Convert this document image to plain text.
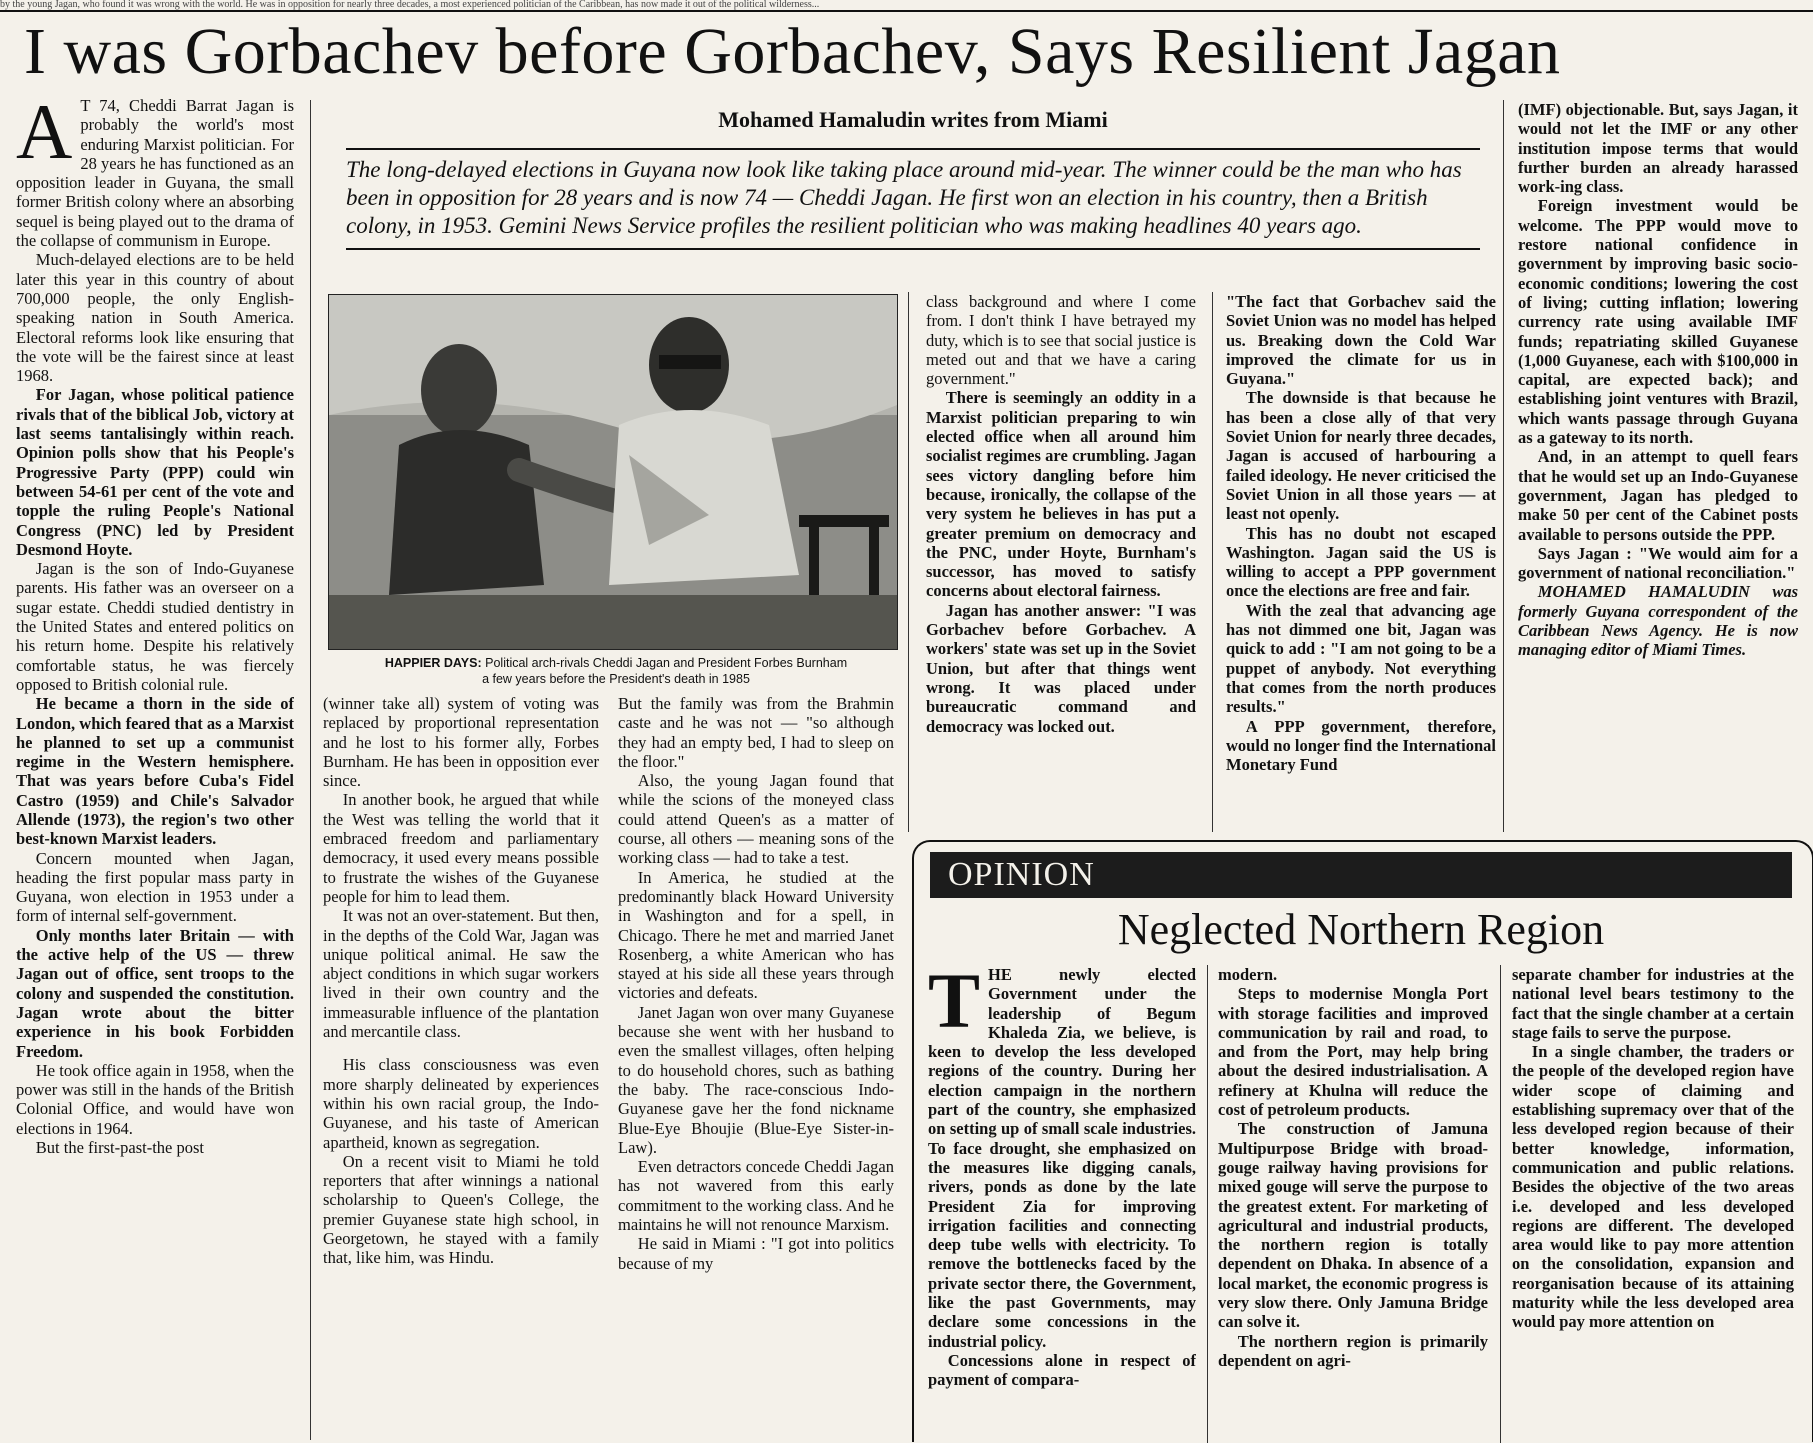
by the young Jagan, who found it was wrong with the world. He was in opposition for nearly three decades, a most experienced politician of the Caribbean, has now made it out of the political wilderness...
I was Gorbachev before Gorbachev, Says Resilient Jagan

A T 74, Cheddi Barrat Jagan is probably the world's most enduring Marxist politician. For 28 years he has functioned as an opposition leader in Guyana, the small former British colony where an absorbing sequel is being played out to the drama of the collapse of communism in Europe.

Much-delayed elections are to be held later this year in this country of about 700,000 people, the only English-speaking nation in South America. Electoral reforms look like ensuring that the vote will be the fairest since at least 1968.

For Jagan, whose political patience rivals that of the biblical Job, victory at last seems tantalisingly within reach. Opinion polls show that his People's Progressive Party (PPP) could win between 54-61 per cent of the vote and topple the ruling People's National Congress (PNC) led by President Desmond Hoyte.

Jagan is the son of Indo-Guyanese parents. His father was an overseer on a sugar estate. Cheddi studied dentistry in the United States and entered politics on his return home. Despite his relatively comfortable status, he was fiercely opposed to British colonial rule.

He became a thorn in the side of London, which feared that as a Marxist he planned to set up a communist regime in the Western hemisphere. That was years before Cuba's Fidel Castro (1959) and Chile's Salvador Allende (1973), the region's two other best-known Marxist leaders.

Concern mounted when Jagan, heading the first popular mass party in Guyana, won election in 1953 under a form of internal self-government.

Only months later Britain — with the active help of the US — threw Jagan out of office, sent troops to the colony and suspended the constitution. Jagan wrote about the bitter experience in his book Forbidden Freedom.

He took office again in 1958, when the power was still in the hands of the British Colonial Office, and would have won elections in 1964.

But the first-past-the post

Mohamed Hamaludin writes from Miami
The long-delayed elections in Guyana now look like taking place around mid-year. The winner could be the man who has been in opposition for 28 years and is now 74 — Cheddi Jagan. He first won an election in his country, then a British colony, in 1953. Gemini News Service profiles the resilient politician who was making headlines 40 years ago.
HAPPIER DAYS: Political arch-rivals Cheddi Jagan and President Forbes Burnham
a few years before the President's death in 1985

(winner take all) system of voting was replaced by proportional representation and he lost to his former ally, Forbes Burnham. He has been in opposition ever since.

In another book, he argued that while the West was telling the world that it embraced freedom and parliamentary democracy, it used every means possible to frustrate the wishes of the Guyanese people for him to lead them.

It was not an over-statement. But then, in the depths of the Cold War, Jagan was unique political animal. He saw the abject conditions in which sugar workers lived in their own country and the immeasurable influence of the plantation and mercantile class.

His class consciousness was even more sharply delineated by experiences within his own racial group, the Indo-Guyanese, and his taste of American apartheid, known as segregation.

On a recent visit to Miami he told reporters that after winnings a national scholarship to Queen's College, the premier Guyanese state high school, in Georgetown, he stayed with a family that, like him, was Hindu.

But the family was from the Brahmin caste and he was not — "so although they had an empty bed, I had to sleep on the floor."

Also, the young Jagan found that while the scions of the moneyed class could attend Queen's as a matter of course, all others — meaning sons of the working class — had to take a test.

In America, he studied at the predominantly black Howard University in Washington and for a spell, in Chicago. There he met and married Janet Rosenberg, a white American who has stayed at his side all these years through victories and defeats.

Janet Jagan won over many Guyanese because she went with her husband to even the smallest villages, often helping to do household chores, such as bathing the baby. The race-conscious Indo-Guyanese gave her the fond nickname Blue-Eye Bhoujie (Blue-Eye Sister-in-Law).

Even detractors concede Cheddi Jagan has not wavered from this early commitment to the working class. And he maintains he will not renounce Marxism.

He said in Miami : "I got into politics because of my

class background and where I come from. I don't think I have betrayed my duty, which is to see that social justice is meted out and that we have a caring government."

There is seemingly an oddity in a Marxist politician preparing to win elected office when all around him socialist regimes are crumbling. Jagan sees victory dangling before him because, ironically, the collapse of the very system he believes in has put a greater premium on democracy and the PNC, under Hoyte, Burnham's successor, has moved to satisfy concerns about electoral fairness.

Jagan has another answer: "I was Gorbachev before Gorbachev. A workers' state was set up in the Soviet Union, but after that things went wrong. It was placed under bureaucratic command and democracy was locked out.

"The fact that Gorbachev said the Soviet Union was no model has helped us. Breaking down the Cold War improved the climate for us in Guyana."

The downside is that because he has been a close ally of that very Soviet Union for nearly three decades, Jagan is accused of harbouring a failed ideology. He never criticised the Soviet Union in all those years — at least not openly.

This has no doubt not escaped Washington. Jagan said the US is willing to accept a PPP government once the elections are free and fair.

With the zeal that advancing age has not dimmed one bit, Jagan was quick to add : "I am not going to be a puppet of anybody. Not everything that comes from the north produces results."

A PPP government, therefore, would no longer find the International Monetary Fund

(IMF) objectionable. But, says Jagan, it would not let the IMF or any other institution impose terms that would further burden an already harassed work-ing class.

Foreign investment would be welcome. The PPP would move to restore national confidence in government by improving basic socio-economic conditions; lowering the cost of living; cutting inflation; lowering currency rate using available IMF funds; repatriating skilled Guyanese (1,000 Guyanese, each with $100,000 in capital, are expected back); and establishing joint ventures with Brazil, which wants passage through Guyana as a gateway to its north.

And, in an attempt to quell fears that he would set up an Indo-Guyanese government, Jagan has pledged to make 50 per cent of the Cabinet posts available to persons outside the PPP.

Says Jagan : "We would aim for a government of national reconciliation."

MOHAMED HAMALUDIN was formerly Guyana correspondent of the Caribbean News Agency. He is now managing editor of Miami Times.

OPINION
Neglected Northern Region

THE newly elected Government under the leadership of Begum Khaleda Zia, we believe, is keen to develop the less developed regions of the country. During her election campaign in the northern part of the country, she emphasized on setting up of small scale industries. To face drought, she emphasized on the measures like digging canals, rivers, ponds as done by the late President Zia for improving irrigation facilities and connecting deep tube wells with electricity. To remove the bottlenecks faced by the private sector there, the Government, like the past Governments, may declare some concessions in the industrial policy.

Concessions alone in respect of payment of compara-

modern.

Steps to modernise Mongla Port with storage facilities and improved communication by rail and road, to and from the Port, may help bring about the desired industrialisation. A refinery at Khulna will reduce the cost of petroleum products.

The construction of Jamuna Multipurpose Bridge with broad-gouge railway having provisions for mixed gouge will serve the purpose to the greatest extent. For marketing of agricultural and industrial products, the northern region is totally dependent on Dhaka. In absence of a local market, the economic progress is very slow there. Only Jamuna Bridge can solve it.

The northern region is primarily dependent on agri-

separate chamber for industries at the national level bears testimony to the fact that the single chamber at a certain stage fails to serve the purpose.

In a single chamber, the traders or the people of the developed region have wider scope of claiming and establishing supremacy over that of the less developed region because of their better knowledge, information, communication and public relations. Besides the objective of the two areas i.e. developed and less developed regions are different. The developed area would like to pay more attention on the consolidation, expansion and reorganisation because of its attaining maturity while the less developed area would pay more attention on
